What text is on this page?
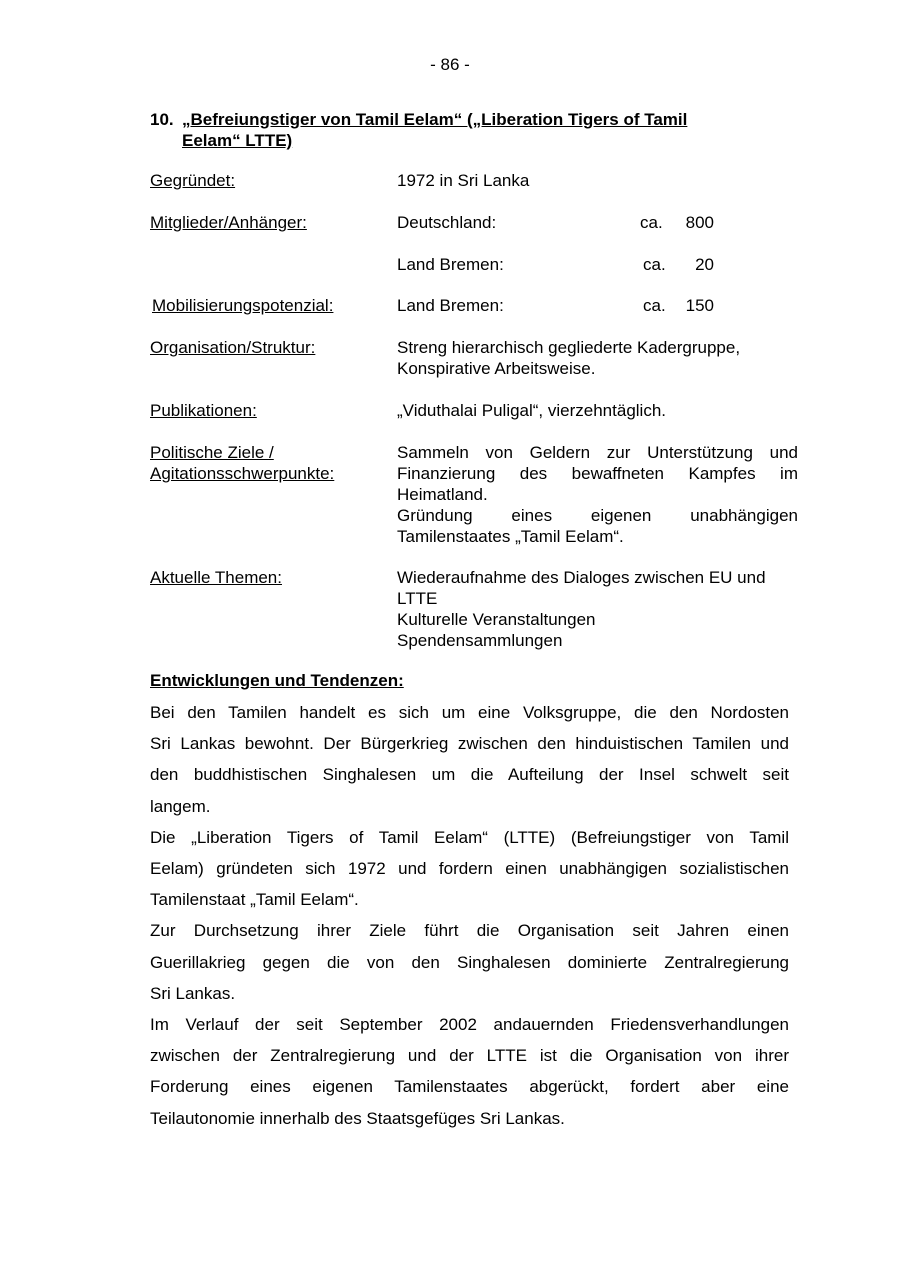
- 86 -
10. „Befreiungstiger von Tamil Eelam“ („Liberation Tigers of Tamil
Eelam“ LTTE)
Gegründet:	1972 in Sri Lanka
Mitglieder/Anhänger:	Deutschland:	ca. 800
Land Bremen:	ca. 20
Mobilisierungspotenzial:	Land Bremen:	ca. 150
Organisation/Struktur:	Streng hierarchisch gegliederte Kadergruppe,
Konspirative Arbeitsweise.
Publikationen:	„Viduthalai Puligal“, vierzehntäglich.
Politische Ziele /
Agitationsschwerpunkte:
Sammeln von Geldern zur Unterstützung und
Finanzierung des bewaffneten Kampfes im
Heimatland.
Gründung eines eigenen unabhängigen
Tamilenstaates „Tamil Eelam“.
Aktuelle Themen:	Wiederaufnahme des Dialoges zwischen EU und
LTTE
Kulturelle Veranstaltungen
Spendensammlungen
Entwicklungen und Tendenzen:
Bei den Tamilen handelt es sich um eine Volksgruppe, die den Nordosten
Sri Lankas bewohnt. Der Bürgerkrieg zwischen den hinduistischen Tamilen und
den buddhistischen Singhalesen um die Aufteilung der Insel schwelt seit
langem.
Die „Liberation Tigers of Tamil Eelam“ (LTTE) (Befreiungstiger von Tamil
Eelam) gründeten sich 1972 und fordern einen unabhängigen sozialistischen
Tamilenstaat „Tamil Eelam“.
Zur Durchsetzung ihrer Ziele führt die Organisation seit Jahren einen
Guerillakrieg gegen die von den Singhalesen dominierte Zentralregierung
Sri Lankas.
Im Verlauf der seit September 2002 andauernden Friedensverhandlungen
zwischen der Zentralregierung und der LTTE ist die Organisation von ihrer
Forderung eines eigenen Tamilenstaates abgerückt, fordert aber eine
Teilautonomie innerhalb des Staatsgefüges Sri Lankas.
